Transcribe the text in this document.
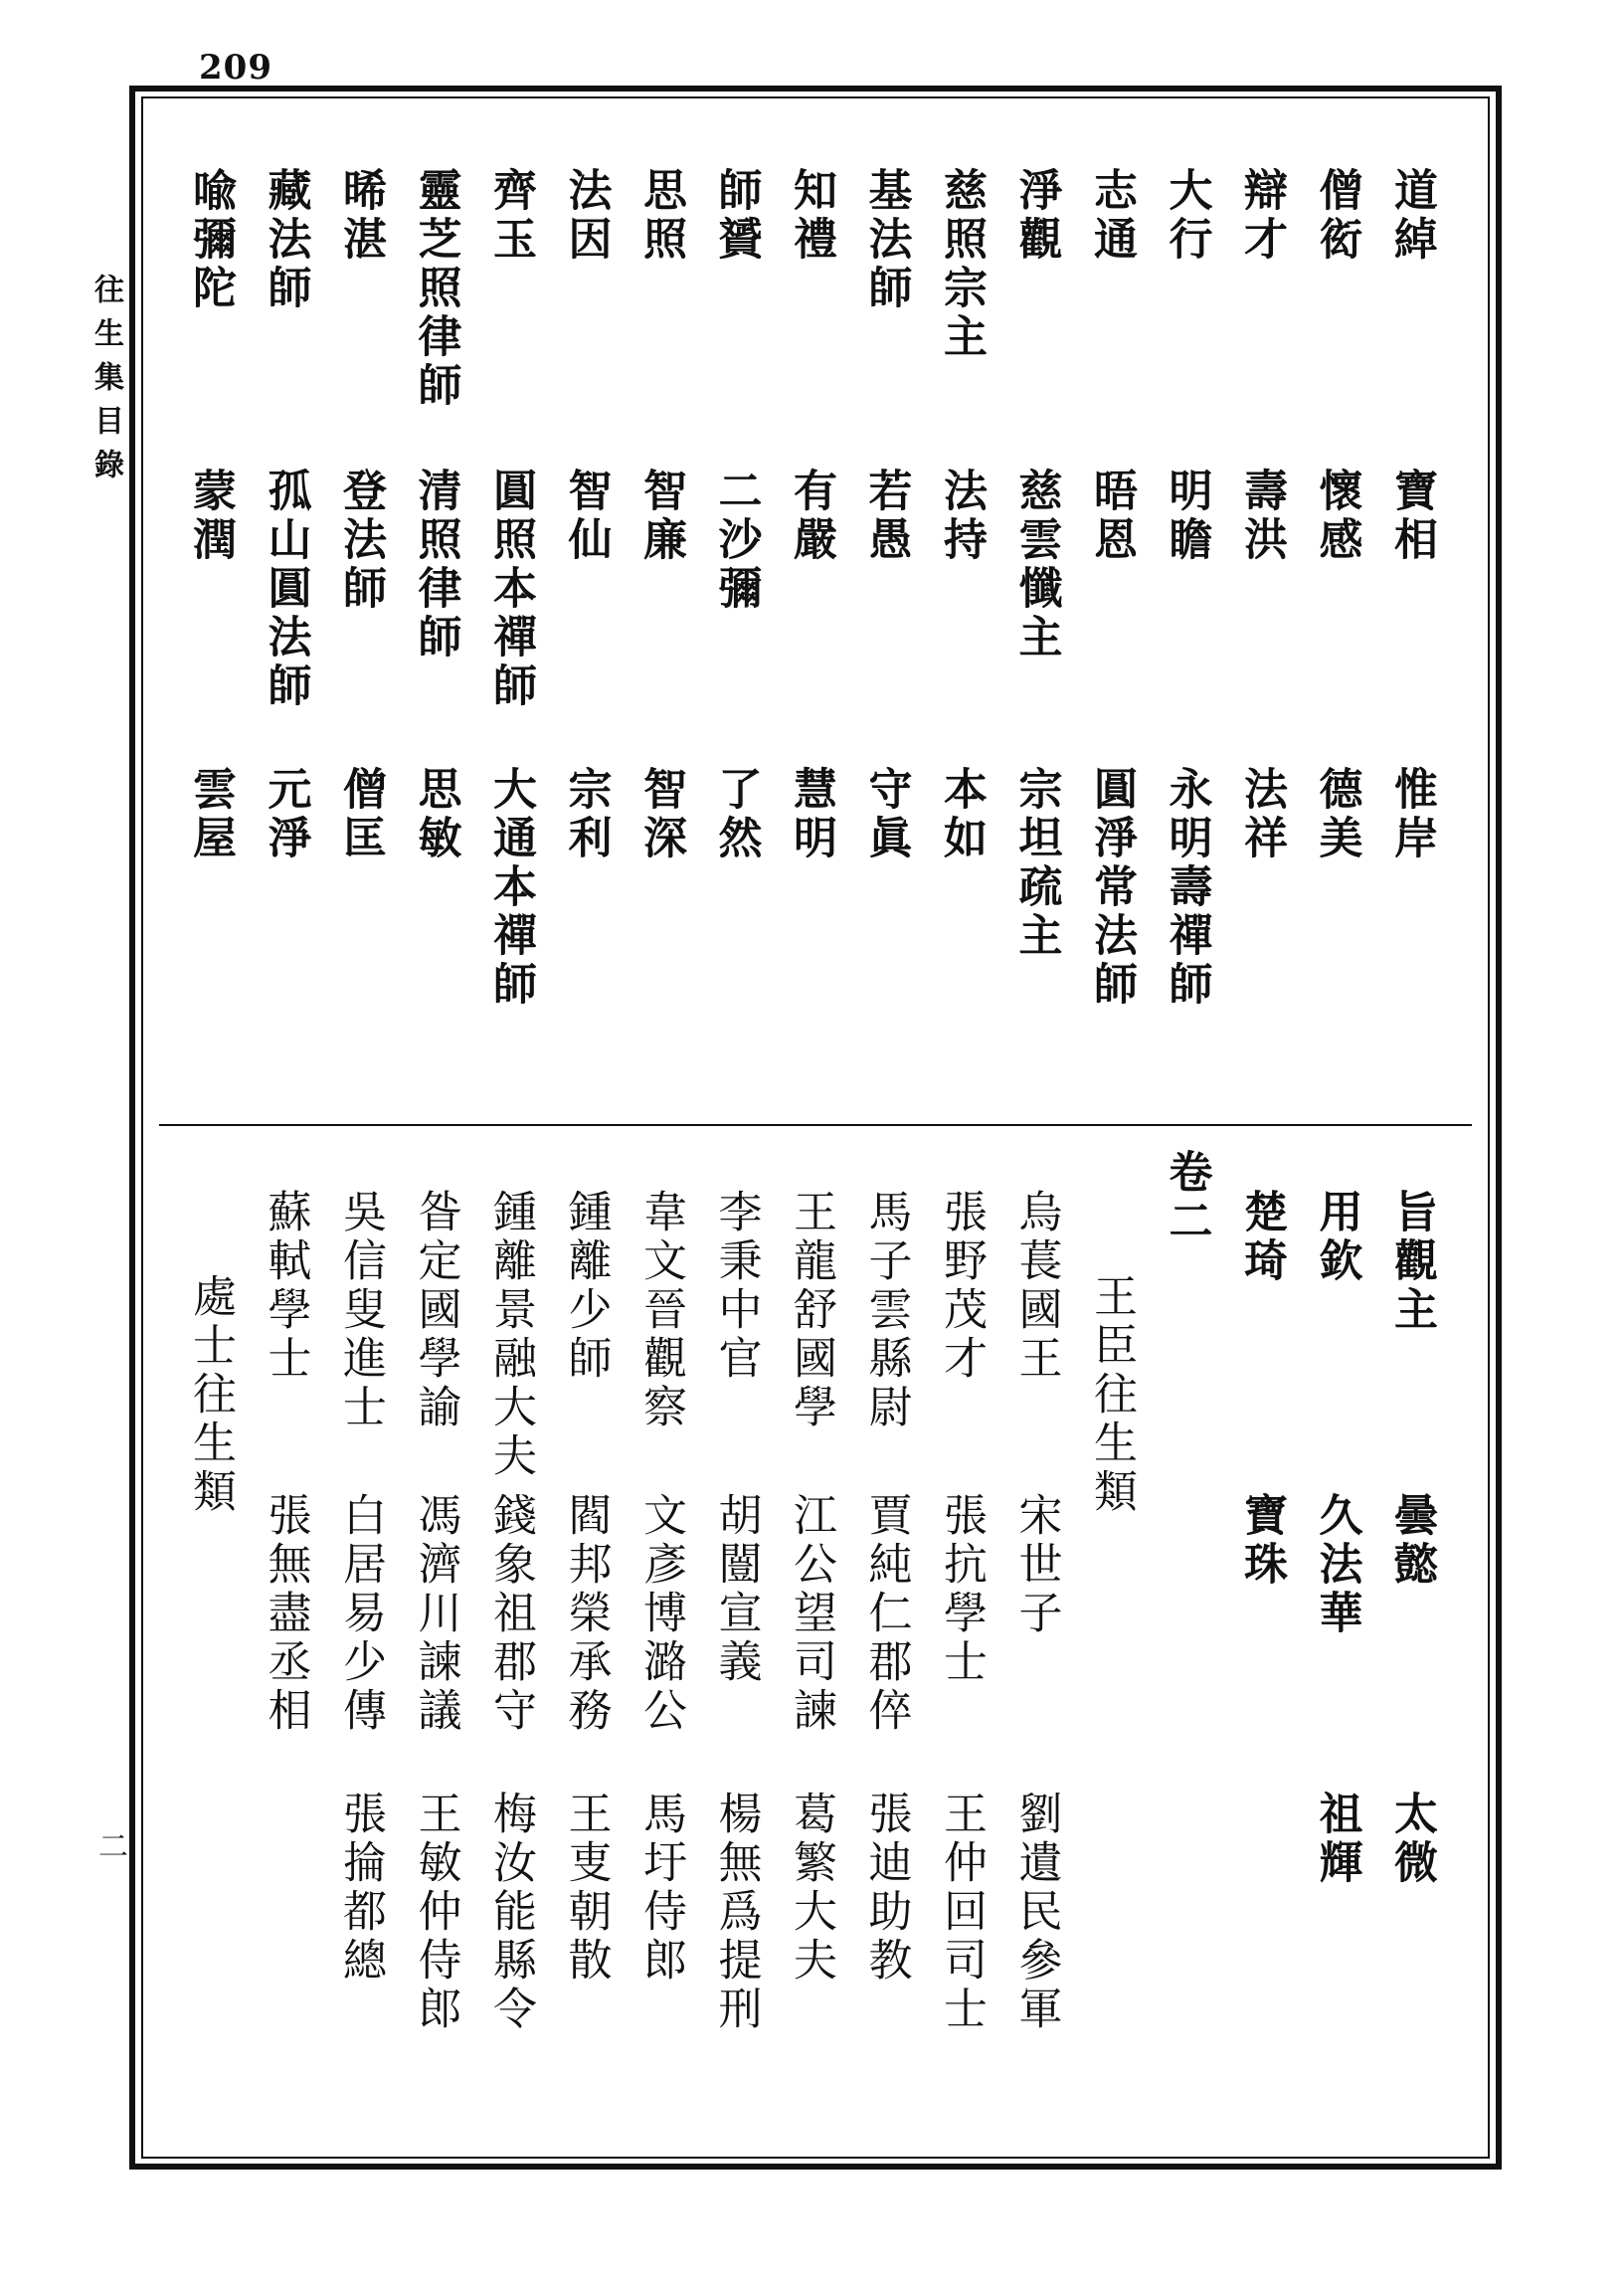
209
往生集目錄
二
道綽
寶相
惟岸
僧衒
懷感
德美
辯才
壽洪
法祥
大行
明瞻
永明壽禪師
志通
晤恩
圓淨常法師
淨觀
慈雲懺主
宗坦疏主
慈照宗主
法持
本如
基法師
若愚
守眞
知禮
有嚴
慧明
師贇
二沙彌
了然
思照
智廉
智深
法因
智仙
宗利
齊玉
圓照本禪師
大通本禪師
靈芝照律師
清照律師
思敏
晞湛
登法師
僧匡
藏法師
孤山圓法師
元淨
喩彌陀
蒙潤
雲屋
旨觀主
曇懿
太微
用欽
久法華
祖輝
楚琦
寶珠
卷二
王臣往生類
烏萇國王
宋世子
劉遺民參軍
張野茂才
張抗學士
王仲回司士
馬子雲縣尉
賈純仁郡倅
張迪助教
王龍舒國學
江公望司諫
葛繁大夫
李秉中官
胡闓宣義
楊無爲提刑
韋文晉觀察
文彥博潞公
馬圩侍郎
鍾離少師
閻邦榮承務
王叓朝散
鍾離景融大夫
錢象祖郡守
梅汝能縣令
昝定國學諭
馮濟川諫議
王敏仲侍郎
吳信叟進士
白居易少傳
張掄都總
蘇軾學士
張無盡丞相
處士往生類
